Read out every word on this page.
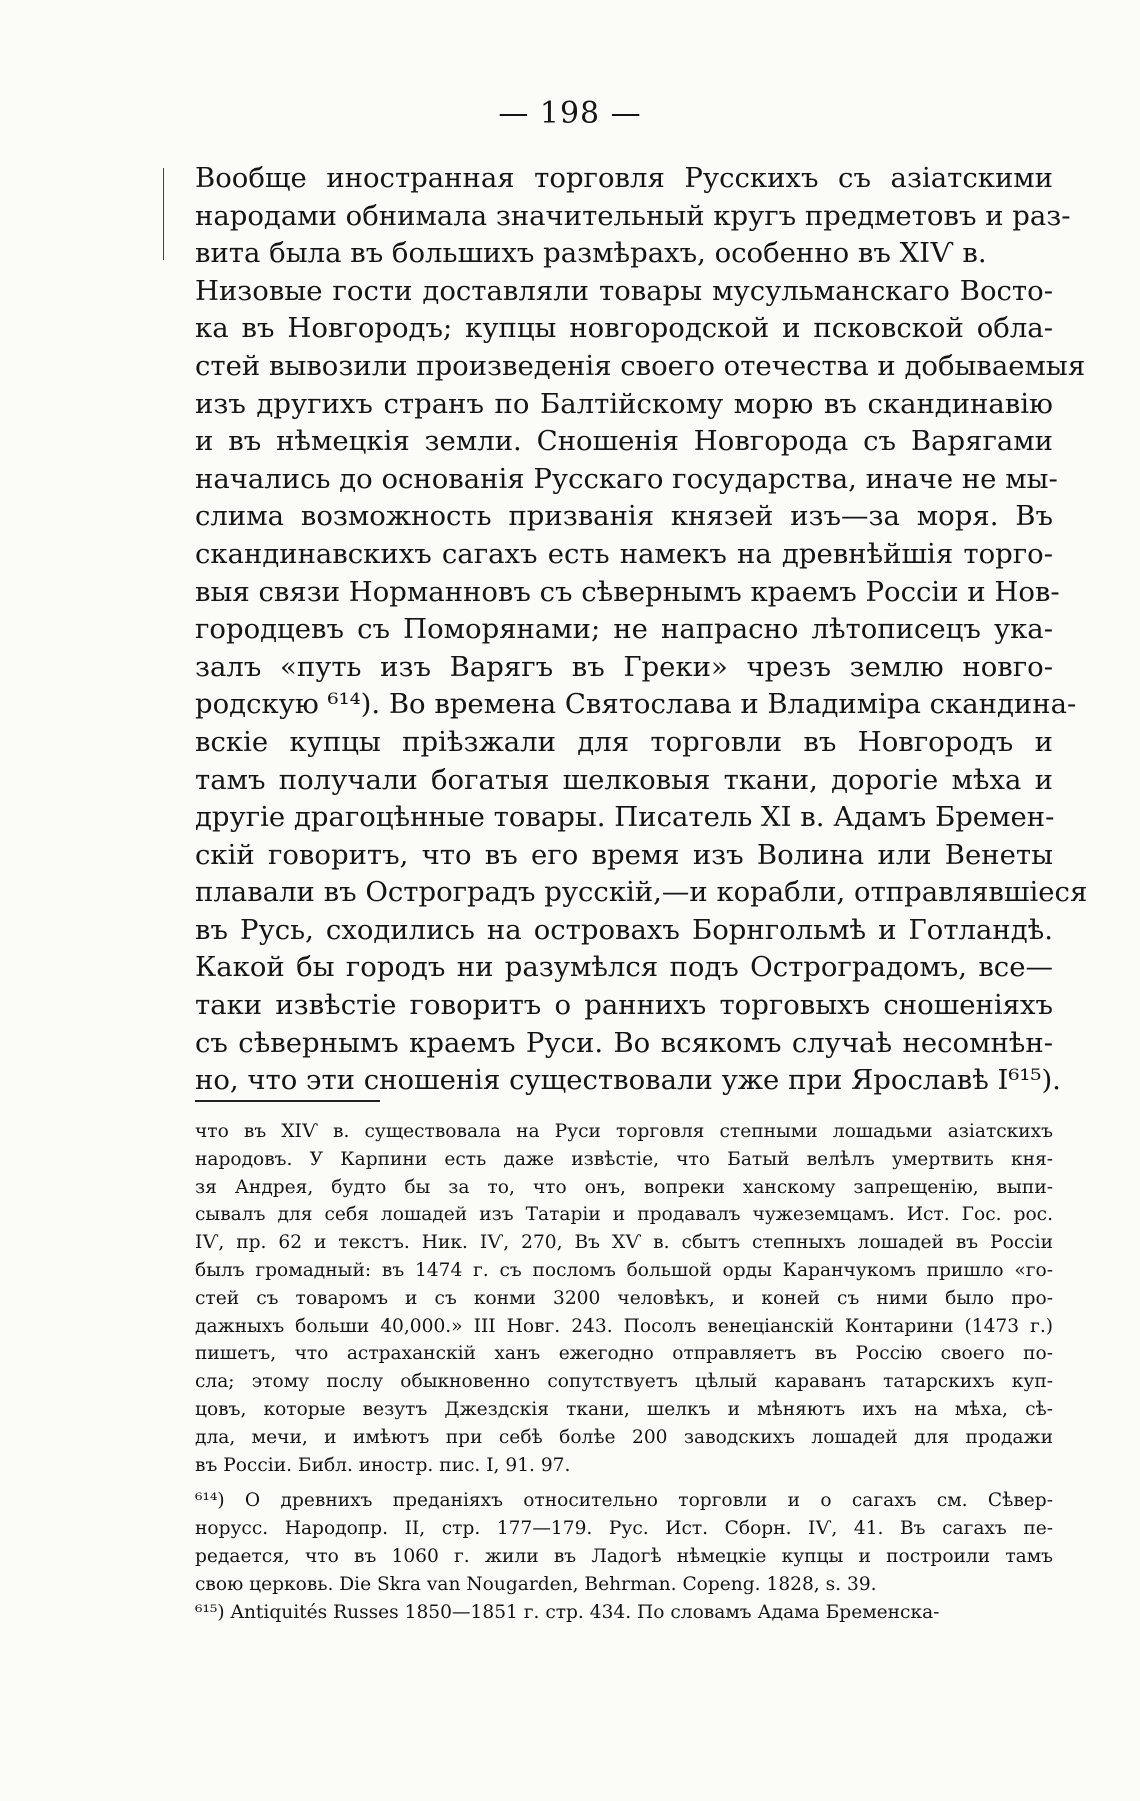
— 198 —
Вообще иностранная торговля Русскихъ съ азіатскими
народами обнимала значительный кругъ предметовъ и раз-
вита была въ большихъ размѣрахъ, особенно въ XIѴ в.
Низовые гости доставляли товары мусульманскаго Восто-
ка въ Новгородъ; купцы новгородской и псковской обла-
стей вывозили произведенія своего отечества и добываемыя
изъ другихъ странъ по Балтійскому морю въ скандинавію
и въ нѣмецкія земли. Сношенія Новгорода съ Варягами
начались до основанія Русскаго государства, иначе не мы-
слима возможность призванія князей изъ—за моря. Въ
скандинавскихъ сагахъ есть намекъ на древнѣйшія торго-
выя связи Норманновъ съ сѣвернымъ краемъ Россіи и Нов-
городцевъ съ Поморянами; не напрасно лѣтописецъ ука-
залъ «путь изъ Варягъ въ Греки» чрезъ землю новго-
родскую ⁶¹⁴). Во времена Святослава и Владиміра скандина-
вскіе купцы пріѣзжали для торговли въ Новгородъ и
тамъ получали богатыя шелковыя ткани, дорогіе мѣха и
другіе драгоцѣнные товары. Писатель XI в. Адамъ Бремен-
скій говоритъ, что въ его время изъ Волина или Венеты
плавали въ Остроградъ русскій,—и корабли, отправлявшіеся
въ Русь, сходились на островахъ Борнгольмѣ и Готландѣ.
Какой бы городъ ни разумѣлся подъ Остроградомъ, все—
таки извѣстіе говоритъ о раннихъ торговыхъ сношеніяхъ
съ сѣвернымъ краемъ Руси. Во всякомъ случаѣ несомнѣн-
но, что эти сношенія существовали уже при Ярославѣ I⁶¹⁵).
что въ XIѴ в. существовала на Руси торговля степными лошадьми азіатскихъ
народовъ. У Карпини есть даже извѣстіе, что Батый велѣлъ умертвить кня-
зя Андрея, будто бы за то, что онъ, вопреки ханскому запрещенію, выпи-
сывалъ для себя лошадей изъ Татаріи и продавалъ чужеземцамъ. Ист. Гос. рос.
IѴ, пр. 62 и текстъ. Ник. IѴ, 270, Въ XѴ в. сбытъ степныхъ лошадей въ Россіи
былъ громадный: въ 1474 г. съ посломъ большой орды Каранчукомъ пришло «го-
стей съ товаромъ и съ конми 3200 человѣкъ, и коней съ ними было про-
дажныхъ больши 40,000.» III Новг. 243. Посолъ венеціанскій Контарини (1473 г.)
пишетъ, что астраханскій ханъ ежегодно отправляетъ въ Россію своего по-
сла; этому послу обыкновенно сопутствуетъ цѣлый караванъ татарскихъ куп-
цовъ, которые везутъ Джездскія ткани, шелкъ и мѣняютъ ихъ на мѣха, сѣ-
дла, мечи, и имѣютъ при себѣ болѣе 200 заводскихъ лошадей для продажи
въ Россіи. Библ. иностр. пис. I, 91. 97.
⁶¹⁴) О древнихъ преданіяхъ относительно торговли и о сагахъ см. Сѣвер-
норусс. Народопр. II, стр. 177—179. Рус. Ист. Сборн. IѴ, 41. Въ сагахъ пе-
редается, что въ 1060 г. жили въ Ладогѣ нѣмецкіе купцы и построили тамъ
свою церковь. Die Skra van Nougarden, Behrman. Copeng. 1828, s. 39.
⁶¹⁵) Antiquités Russes 1850—1851 г. стр. 434. По словамъ Адама Бременска-
